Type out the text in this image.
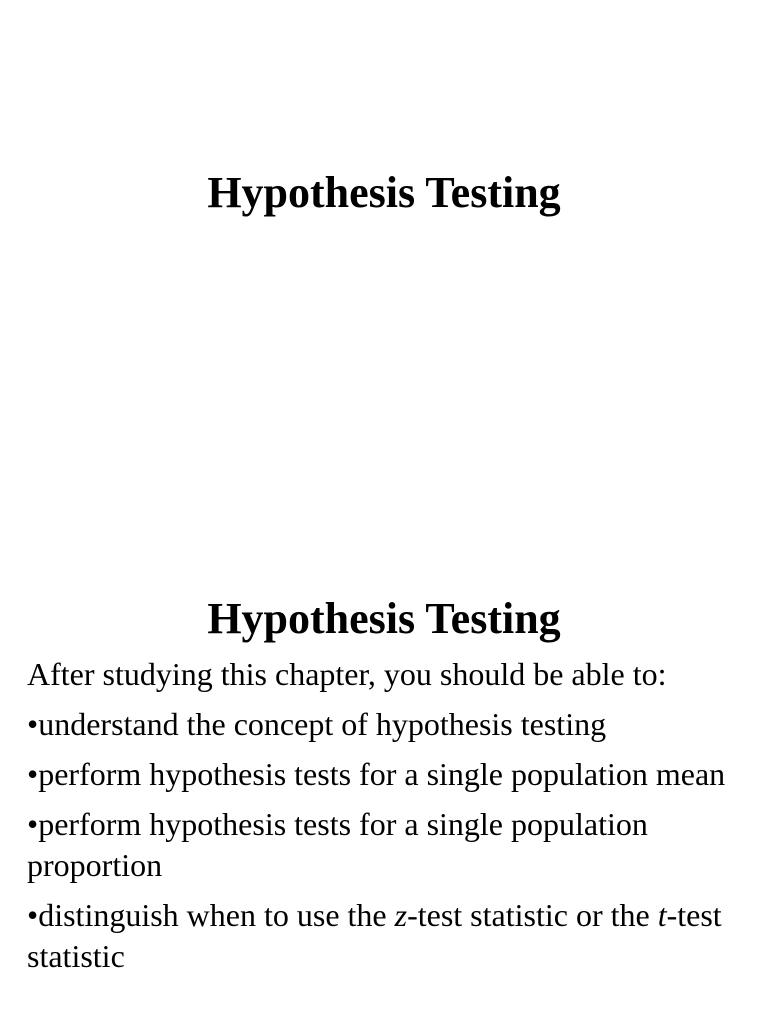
Hypothesis Testing
Hypothesis Testing

After studying this chapter, you should be able to:

•understand the concept of hypothesis testing

•perform hypothesis tests for a single population mean

•perform hypothesis tests for a single population proportion

•distinguish when to use the z-test statistic or the t-test statistic
